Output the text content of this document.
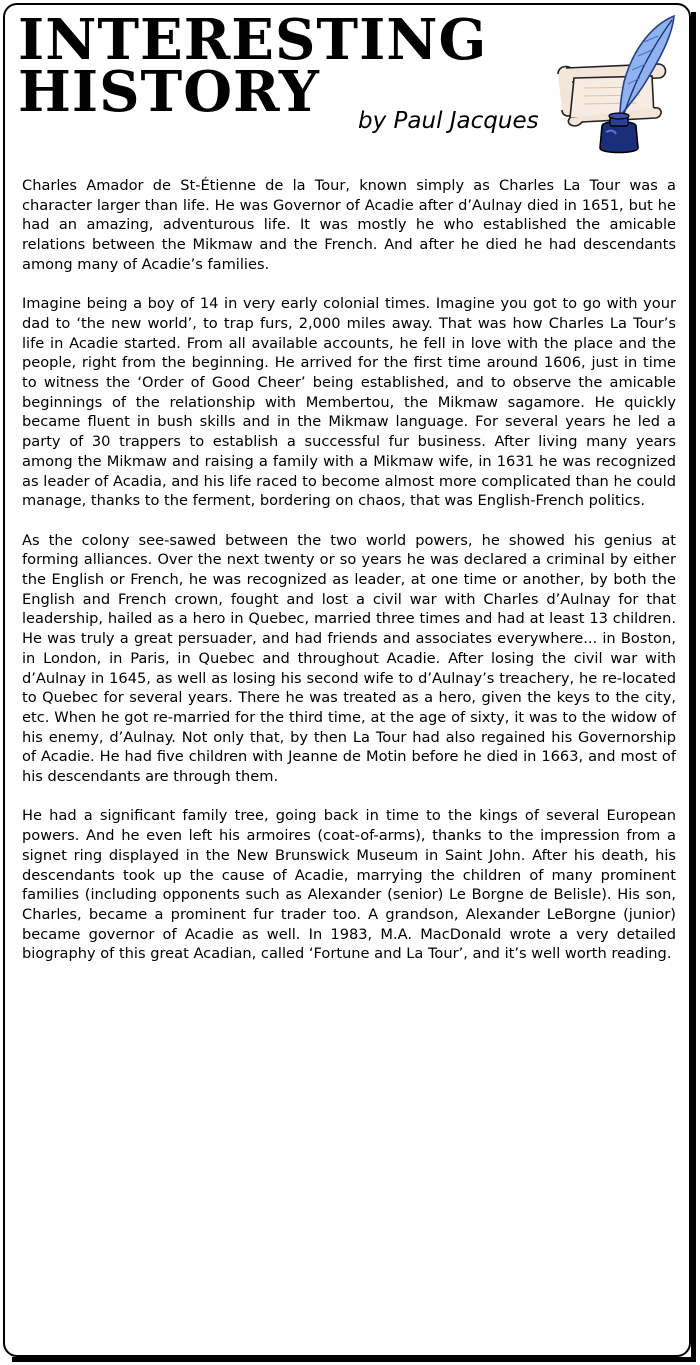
INTERESTING
HISTORY	by Paul Jacques

Charles Amador de St-Étienne de la Tour, known simply as Charles La Tour was a character larger than life. He was Governor of Acadie after d’Aulnay died in 1651, but he had an amazing, adventurous life. It was mostly he who established the amicable relations between the Mikmaw and the French. And after he died he had descendants among many of Acadie’s families.

Imagine being a boy of 14 in very early colonial times. Imagine you got to go with your dad to ‘the new world’, to trap furs, 2,000 miles away. That was how Charles La Tour’s life in Acadie started. From all available accounts, he fell in love with the place and the people, right from the beginning. He arrived for the first time around 1606, just in time to witness the ‘Order of Good Cheer’ being established, and to observe the amicable beginnings of the relationship with Membertou, the Mikmaw sagamore. He quickly became fluent in bush skills and in the Mikmaw language. For several years he led a party of 30 trappers to establish a successful fur business. After living many years among the Mikmaw and raising a family with a Mikmaw wife, in 1631 he was recognized as leader of Acadia, and his life raced to become almost more complicated than he could manage, thanks to the ferment, bordering on chaos, that was English-French politics.

As the colony see-sawed between the two world powers, he showed his genius at forming alliances. Over the next twenty or so years he was declared a criminal by either the English or French, he was recognized as leader, at one time or another, by both the English and French crown, fought and lost a civil war with Charles d’Aulnay for that leadership, hailed as a hero in Quebec, married three times and had at least 13 children. He was truly a great persuader, and had friends and associates everywhere... in Boston, in London, in Paris, in Quebec and throughout Acadie. After losing the civil war with d’Aulnay in 1645, as well as losing his second wife to d’Aulnay’s treachery, he re-located to Quebec for several years. There he was treated as a hero, given the keys to the city, etc. When he got re-married for the third time, at the age of sixty, it was to the widow of his enemy, d’Aulnay. Not only that, by then La Tour had also regained his Governorship of Acadie. He had five children with Jeanne de Motin before he died in 1663, and most of his descendants are through them.

He had a significant family tree, going back in time to the kings of several European powers. And he even left his armoires (coat-of-arms), thanks to the impression from a signet ring displayed in the New Brunswick Museum in Saint John. After his death, his descendants took up the cause of Acadie, marrying the children of many prominent families (including opponents such as Alexander (senior) Le Borgne de Belisle). His son, Charles, became a prominent fur trader too. A grandson, Alexander LeBorgne (junior) became governor of Acadie as well. In 1983, M.A. MacDonald wrote a very detailed biography of this great Acadian, called ‘Fortune and La Tour’, and it’s well worth reading.
